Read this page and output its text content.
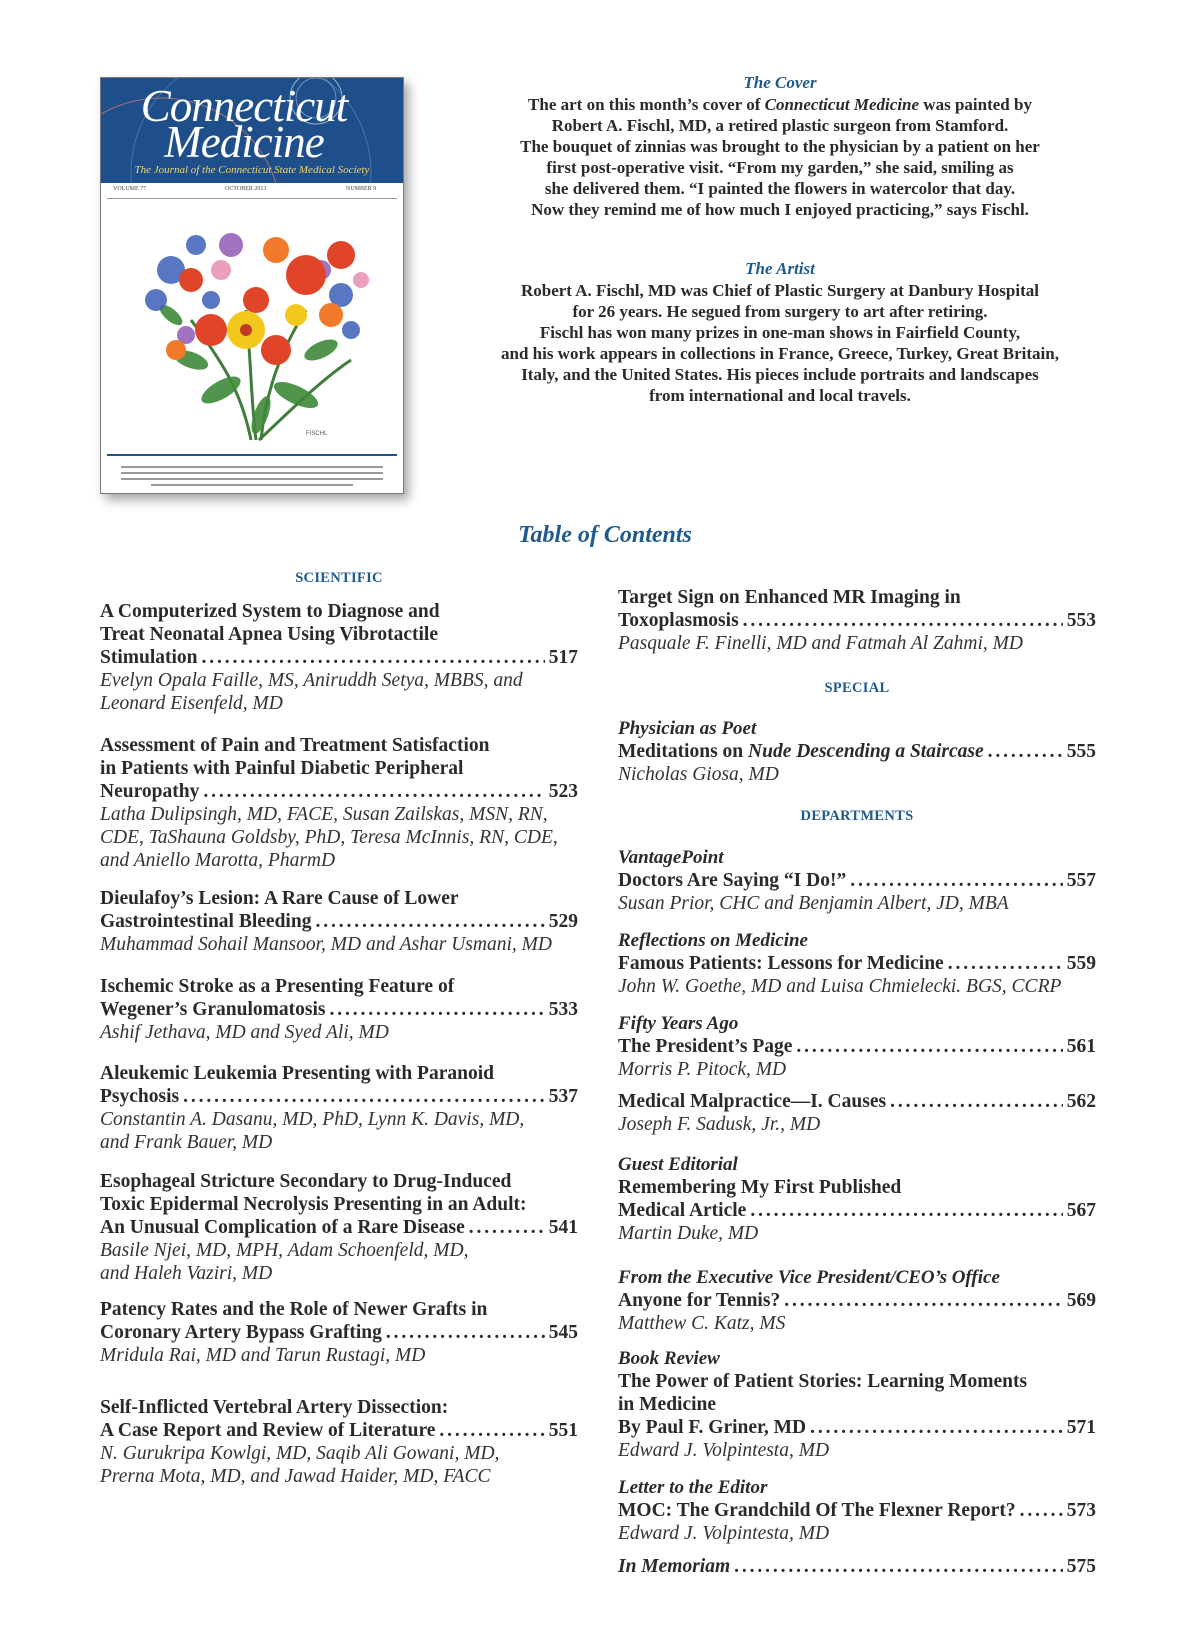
Connecticut
Medicine
The Journal of the Connecticut State Medical Society
VOLUME 77	OCTOBER 2013	NUMBER 9
FISCHL
The Cover

The art on this month’s cover of Connecticut Medicine was painted by

Robert A. Fischl, MD, a retired plastic surgeon from Stamford.

The bouquet of zinnias was brought to the physician by a patient on her

first post-operative visit. “From my garden,” she said, smiling as

she delivered them. “I painted the flowers in watercolor that day.

Now they remind me of how much I enjoyed practicing,” says Fischl.

The Artist

Robert A. Fischl, MD was Chief of Plastic Surgery at Danbury Hospital

for 26 years. He segued from surgery to art after retiring.

Fischl has won many prizes in one-man shows in Fairfield County,

and his work appears in collections in France, Greece, Turkey, Great Britain,

Italy, and the United States. His pieces include portraits and landscapes

from international and local travels.

Table of Contents
SCIENTIFIC
SPECIAL
DEPARTMENTS
A Computerized System to Diagnose and
Treat Neonatal Apnea Using Vibrotactile
Stimulation . . .	517
Evelyn Opala Faille, MS, Aniruddh Setya, MBBS, and
Leonard Eisenfeld, MD
Assessment of Pain and Treatment Satisfaction
in Patients with Painful Diabetic Peripheral
Neuropathy . . .	523
Latha Dulipsingh, MD, FACE, Susan Zailskas, MSN, RN,
CDE, TaShauna Goldsby, PhD, Teresa McInnis, RN, CDE,
and Aniello Marotta, PharmD
Dieulafoy’s Lesion: A Rare Cause of Lower
Gastrointestinal Bleeding . . .	529
Muhammad Sohail Mansoor, MD and Ashar Usmani, MD
Ischemic Stroke as a Presenting Feature of
Wegener’s Granulomatosis . . .	533
Ashif Jethava, MD and Syed Ali, MD
Aleukemic Leukemia Presenting with Paranoid
Psychosis . . .	537
Constantin A. Dasanu, MD, PhD, Lynn K. Davis, MD,
and Frank Bauer, MD
Esophageal Stricture Secondary to Drug-Induced
Toxic Epidermal Necrolysis Presenting in an Adult:
An Unusual Complication of a Rare Disease . . .	541
Basile Njei, MD, MPH, Adam Schoenfeld, MD,
and Haleh Vaziri, MD
Patency Rates and the Role of Newer Grafts in
Coronary Artery Bypass Grafting . . .	545
Mridula Rai, MD and Tarun Rustagi, MD
Self-Inflicted Vertebral Artery Dissection:
A Case Report and Review of Literature . . .	551
N. Gurukripa Kowlgi, MD, Saqib Ali Gowani, MD,
Prerna Mota, MD, and Jawad Haider, MD, FACC
Target Sign on Enhanced MR Imaging in
Toxoplasmosis . . .	553
Pasquale F. Finelli, MD and Fatmah Al Zahmi, MD
Physician as Poet
Meditations on Nude Descending a Staircase . . .	555
Nicholas Giosa, MD
VantagePoint
Doctors Are Saying “I Do!” . . .	557
Susan Prior, CHC and Benjamin Albert, JD, MBA
Reflections on Medicine
Famous Patients: Lessons for Medicine . . .	559
John W. Goethe, MD and Luisa Chmielecki. BGS, CCRP
Fifty Years Ago
The President’s Page . . .	561
Morris P. Pitock, MD
Medical Malpractice—I. Causes . . .	562
Joseph F. Sadusk, Jr., MD
Guest Editorial
Remembering My First Published
Medical Article . . .	567
Martin Duke, MD
From the Executive Vice President/CEO’s Office
Anyone for Tennis? . . .	569
Matthew C. Katz, MS
Book Review
The Power of Patient Stories: Learning Moments
in Medicine
By Paul F. Griner, MD . . .	571
Edward J. Volpintesta, MD
Letter to the Editor
MOC: The Grandchild Of The Flexner Report? . . .	573
Edward J. Volpintesta, MD
In Memoriam . . .	575
